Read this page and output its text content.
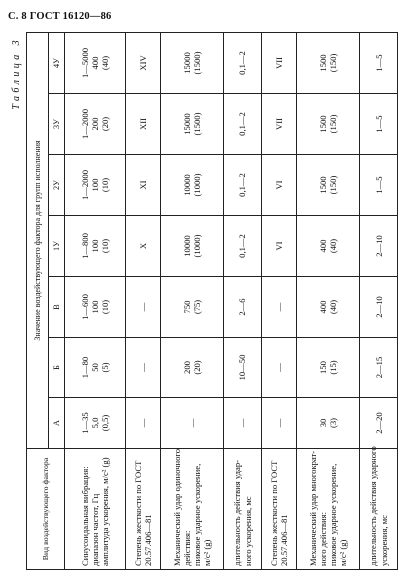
С. 8 ГОСТ 16120—86
Таблица 3
Вид воздействующего фактора	Значение воздействующего фактора для групп исполнения						
	А	Б	В	1У	2У	3У	4У

Синусоидальная вибрация: диапазон частот, Гц амплитуда ускорения, м/с² (g)	1—35 5,0 (0,5)	1—80 50 (5)	1—600 100 (10)	1—800 100 (10)	1—2000 100 (10)	1—2000 200 (20)	1—5000 400 (40)

Степень жесткости по ГОСТ 20.57.406—81	—	—	—	X	XI	XII	XIV

Механический удар одиночного действия: пиковое ударное ускорение, м/с² (g)	—	200 (20)	750 (75)	10000 (1000)	10000 (1000)	15000 (1500)	15000 (1500)

длительность действия удар- ного ускорения, мс	—	10—50	2—6	0,1—2	0,1—2	0,1—2	0,1—2

Степень жесткости по ГОСТ 20.57.406—81	—	—	—	VI	VI	VII	VII

Механический удар многократ- ного действия: пиковое ударное ускорение, м/с² (g)	30 (3)	150 (15)	400 (40)	400 (40)	1500 (150)	1500 (150)	1500 (150)

длительность действия ударного ускорения, мс	2—20	2—15	2—10	2—10	1—5	1—5	1—5
